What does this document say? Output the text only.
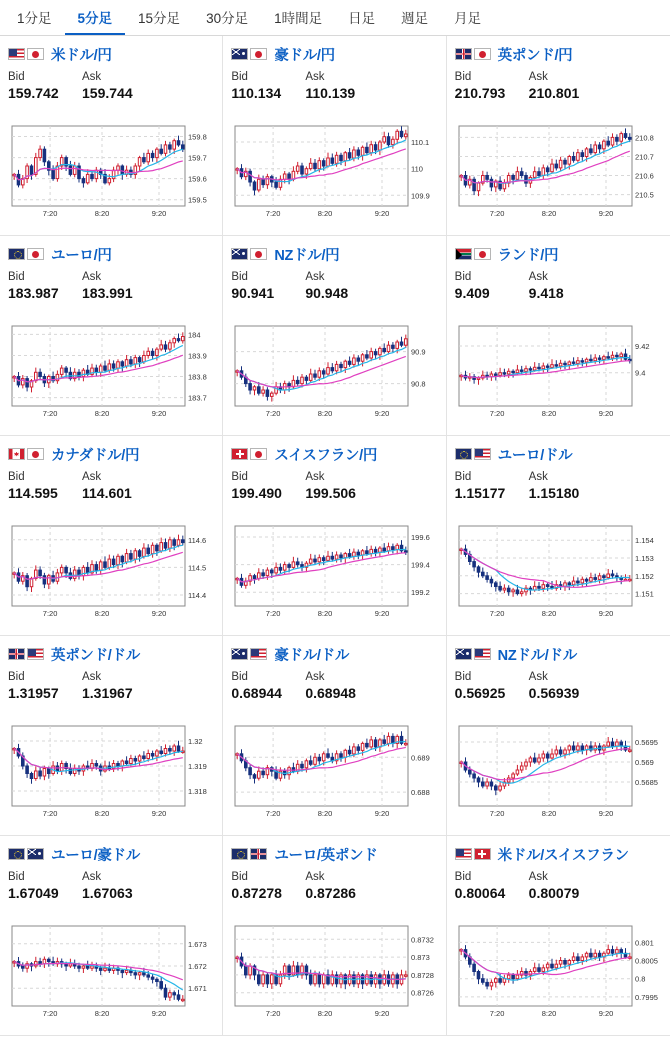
1分足 5分足 15分足 30分足 1時間足 日足 週足 月足
米ドル/円
Bid	Ask
159.742	159.744
159.8
159.7
159.6
159.5
7:20	8:20	9:20
豪ドル/円
Bid	Ask
110.134	110.139
110.1
110
109.9
7:20	8:20	9:20
英ポンド/円
Bid	Ask
210.793	210.801
210.8
210.7
210.6
210.5
7:20	8:20	9:20
ユーロ/円
Bid	Ask
183.987	183.991
184
183.9
183.8
183.7
7:20	8:20	9:20
NZドル/円
Bid	Ask
90.941	90.948
90.9
90.8
7:20	8:20	9:20
ランド/円
Bid	Ask
9.409	9.418
9.42
9.4
7:20	8:20	9:20
カナダドル/円
Bid	Ask
114.595	114.601
114.6
114.5
114.4
7:20	8:20	9:20
スイスフラン/円
Bid	Ask
199.490	199.506
199.6
199.4
199.2
7:20	8:20	9:20
ユーロ/ドル
Bid	Ask
1.15177	1.15180
1.154
1.153
1.152
1.151
7:20	8:20	9:20
英ポンド/ドル
Bid	Ask
1.31957	1.31967
1.32
1.319
1.318
7:20	8:20	9:20
豪ドル/ドル
Bid	Ask
0.68944	0.68948
0.689
0.688
7:20	8:20	9:20
NZドル/ドル
Bid	Ask
0.56925	0.56939
0.5695
0.569
0.5685
7:20	8:20	9:20
ユーロ/豪ドル
Bid	Ask
1.67049	1.67063
1.673
1.672
1.671
7:20	8:20	9:20
ユーロ/英ポンド
Bid	Ask
0.87278	0.87286
0.8732
0.873
0.8728
0.8726
7:20	8:20	9:20
米ドル/スイスフラン
Bid	Ask
0.80064	0.80079
0.801
0.8005
0.8
0.7995
7:20	8:20	9:20
